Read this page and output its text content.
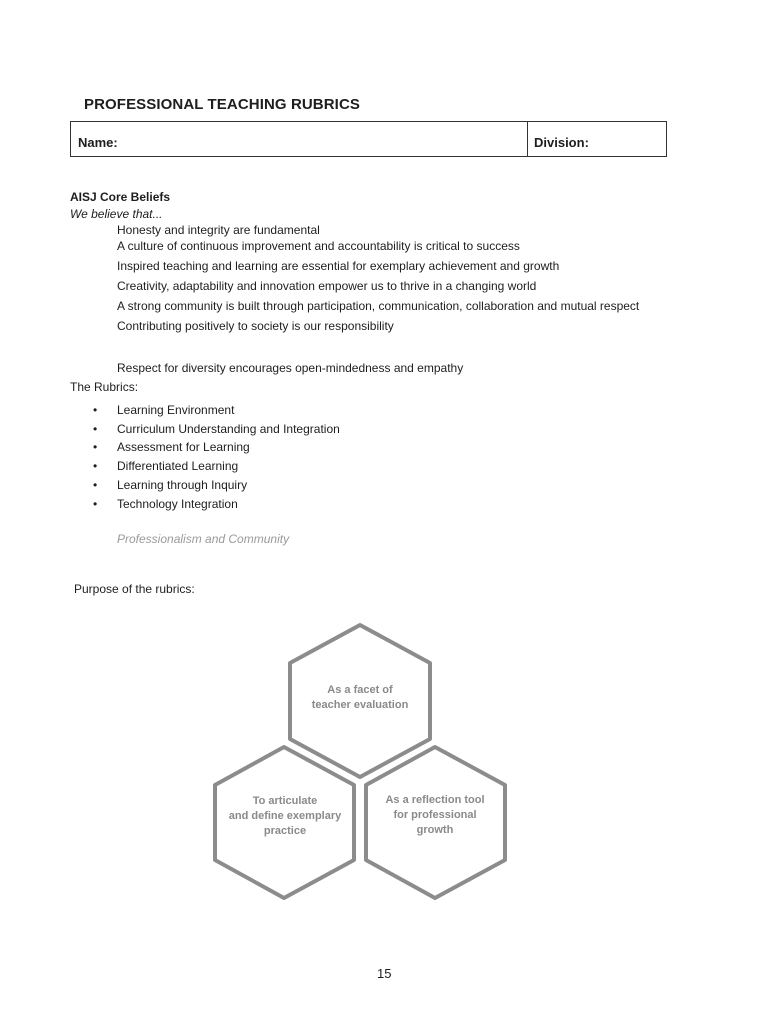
PROFESSIONAL TEACHING RUBRICS
Name:	Division:
AISJ Core Beliefs
We believe that...
Honesty and integrity are fundamental
A culture of continuous improvement and accountability is critical to success
Inspired teaching and learning are essential for exemplary achievement and growth
Creativity, adaptability and innovation empower us to thrive in a changing world
A strong community is built through participation, communication, collaboration and mutual respect
Contributing positively to society is our responsibility
Respect for diversity encourages open-mindedness and empathy
The Rubrics:
• Learning Environment
• Curriculum Understanding and Integration
• Assessment for Learning
• Differentiated Learning
• Learning through Inquiry
• Technology Integration
Professionalism and Community
Purpose of the rubrics:
As a facet of
teacher evaluation
To articulate
and define exemplary
practice
As a reflection tool
for professional
growth
15
